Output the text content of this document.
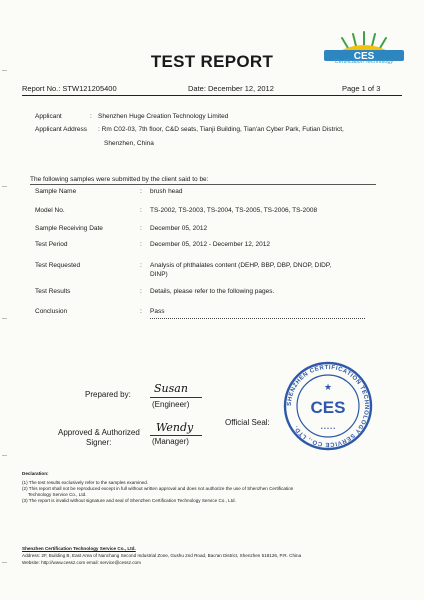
CES
Certification Technology
TEST REPORT
Report No.: STW121205400	Date: December 12, 2012	Page 1 of 3
Applicant	: Shenzhen Huge Creation Technology Limited
Applicant Address : Rm C02-03, 7th floor, C&D seats, Tianji Building, Tian'an Cyber Park, Futian District,
Shenzhen, China
The following samples were submitted by the client said to be:
Sample Name	: brush head
Model No.	: TS-2002, TS-2003, TS-2004, TS-2005, TS-2006, TS-2008
Sample Receiving Date	: December 05, 2012
Test Period	: December 05, 2012 - December 12, 2012
Test Requested	: Analysis of phthalates content (DEHP, BBP, DBP, DNOP, DIDP,
DINP)
Test Results	: Details, please refer to the following pages.
Conclusion	: Pass
Prepared by: Susan
(Engineer)
Approved & Authorized
Signer:
Wendy
(Manager)
Official Seal:
SHENZHEN CERTIFICATION TECHNOLOGY SERVICE CO., LTD.
CES
★
• • • • •
Declaration:
(1) The test results exclusively refer to the samples examined.
(2) This report shall not be reproduced except in full without written approval and does not authorize the use of Shenzhen Certification
Technology Service Co., Ltd.
(3) The report is invalid without signature and seal of Shenzhen Certification Technology Service Co., Ltd.
Shenzhen Certification Technology Service Co., Ltd.
Address: 2F, Building B, East Area of Nanchang Second Industrial Zone, Gushu 2nd Road, Bao'an District, Shenzhen 518126, P.R. China
Website: http://www.cessz.com email: service@cessz.com
